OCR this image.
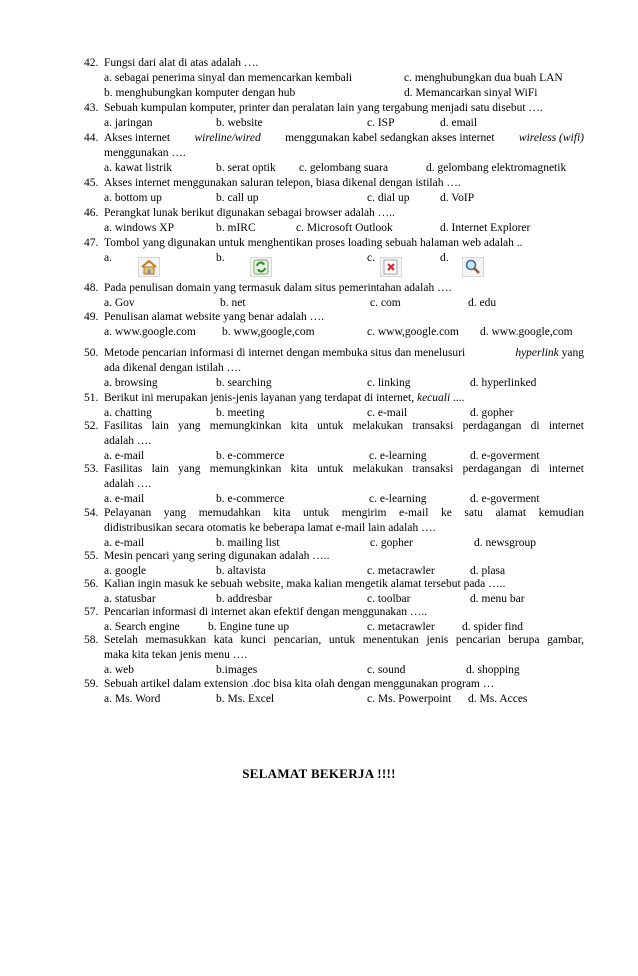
42. Fungsi dari alat di atas adalah ….
a. sebagai penerima sinyal dan memencarkan kembali	c. menghubungkan dua buah LAN
b. menghubungkan komputer dengan hub	d. Memancarkan sinyal WiFi
43. Sebuah kumpulan komputer, printer dan peralatan lain yang tergabung menjadi satu disebut ….
a. jaringan	b. website	c. ISP	d. email
44. Akses internet wireline/wired menggunakan kabel sedangkan akses internet wireless (wifi)
menggunakan ….
a. kawat listrik	b. serat optik c. gelombang suara	d. gelombang elektromagnetik
45. Akses internet menggunakan saluran telepon, biasa dikenal dengan istilah ….
a. bottom up	b. call up	c. dial up	d. VoIP
46. Perangkat lunak berikut digunakan sebagai browser adalah …..
a. windows XP	b. mIRC	c. Microsoft Outlook	d. Internet Explorer
47. Tombol yang digunakan untuk menghentikan proses loading sebuah halaman web adalah ..
a.	b.	c.	d.
48. Pada penulisan domain yang termasuk dalam situs pemerintahan adalah ….
a. Gov	b. net	c. com	d. edu
49. Penulisan alamat website yang benar adalah ….
a. www.google.com b. www,google,com	c. www,google.com d. www.google,com
50. Metode pencarian informasi di internet dengan membuka situs dan menelusuri	hyperlink yang
ada dikenal dengan istilah ….
a. browsing	b. searching	c. linking	d. hyperlinked
51. Berikut ini merupakan jenis-jenis layanan yang terdapat di internet, kecuali ....
a. chatting	b. meeting	c. e-mail	d. gopher
52. Fasilitas lain yang memungkinkan kita untuk melakukan transaksi perdagangan di internet
adalah ….
a. e-mail	b. e-commerce	c. e-learning	d. e-goverment
53. Fasilitas lain yang memungkinkan kita untuk melakukan transaksi perdagangan di internet
adalah ….
a. e-mail	b. e-commerce	c. e-learning	d. e-goverment
54. Pelayanan yang memudahkan kita untuk mengirim e-mail ke satu alamat kemudian
didistribusikan secara otomatis ke beberapa lamat e-mail lain adalah ….
a. e-mail	b. mailing list	c. gopher	d. newsgroup
55. Mesin pencari yang sering digunakan adalah …..
a. google	b. altavista	c. metacrawler	d. plasa
56. Kalian ingin masuk ke sebuah website, maka kalian mengetik alamat tersebut pada …..
a. statusbar	b. addresbar	c. toolbar	d. menu bar
57. Pencarian informasi di internet akan efektif dengan menggunakan …..
a. Search engine b. Engine tune up	c. metacrawler d. spider find
58. Setelah memasukkan kata kunci pencarian, untuk menentukan jenis pencarian berupa gambar,
maka kita tekan jenis menu ….
a. web	b.images	c. sound	d. shopping
59. Sebuah artikel dalam extension .doc bisa kita olah dengan menggunakan program …
a. Ms. Word	b. Ms. Excel	c. Ms. Powerpoint d. Ms. Acces
SELAMAT BEKERJA !!!!
